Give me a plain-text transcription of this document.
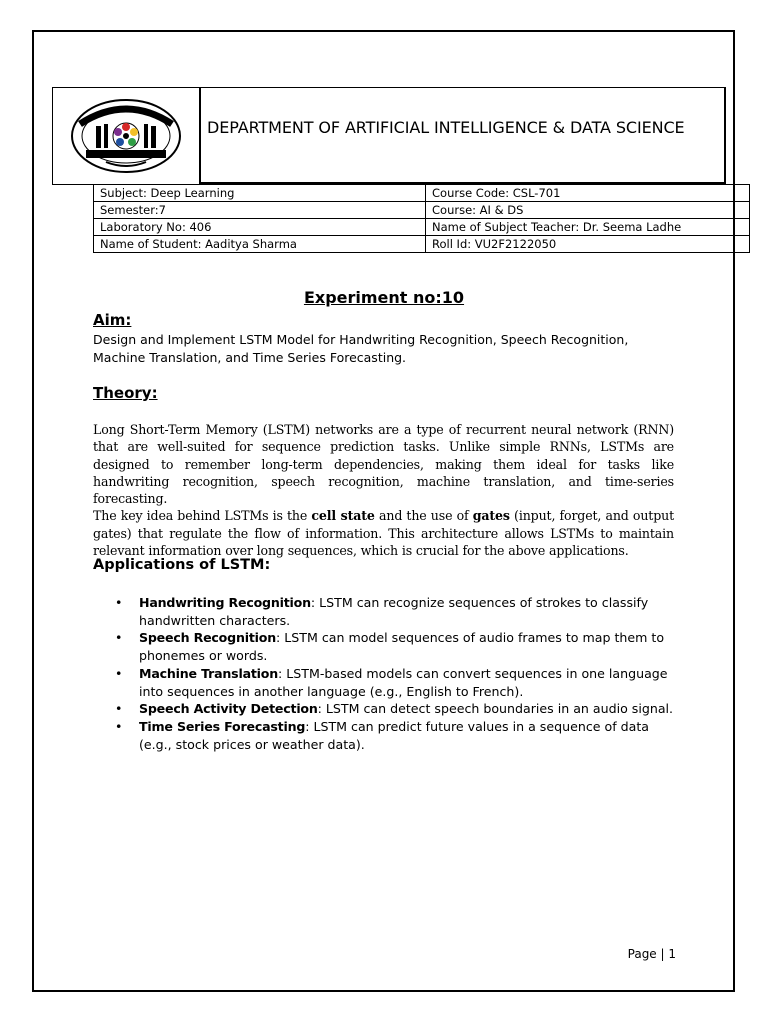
DEPARTMENT OF ARTIFICIAL INTELLIGENCE & DATA SCIENCE
Subject: Deep Learning	Course Code: CSL-701
Semester:7	Course: AI & DS
Laboratory No: 406	Name of Subject Teacher: Dr. Seema Ladhe
Name of Student: Aaditya Sharma	Roll Id: VU2F2122050
Experiment no:10
Aim:
Design and Implement LSTM Model for Handwriting Recognition, Speech Recognition, Machine Translation, and Time Series Forecasting.
Theory:

Long Short-Term Memory (LSTM) networks are a type of recurrent neural network (RNN) that are well-suited for sequence prediction tasks. Unlike simple RNNs, LSTMs are designed to remember long-term dependencies, making them ideal for tasks like handwriting recognition, speech recognition, machine translation, and time-series forecasting.

The key idea behind LSTMs is the cell state and the use of gates (input, forget, and output gates) that regulate the flow of information. This architecture allows LSTMs to maintain relevant information over long sequences, which is crucial for the above applications.

Applications of LSTM:
• Handwriting Recognition: LSTM can recognize sequences of strokes to classify handwritten characters.
• Speech Recognition: LSTM can model sequences of audio frames to map them to phonemes or words.
• Machine Translation: LSTM-based models can convert sequences in one language into sequences in another language (e.g., English to French).
• Speech Activity Detection: LSTM can detect speech boundaries in an audio signal.
• Time Series Forecasting: LSTM can predict future values in a sequence of data (e.g., stock prices or weather data).
Page | 1
